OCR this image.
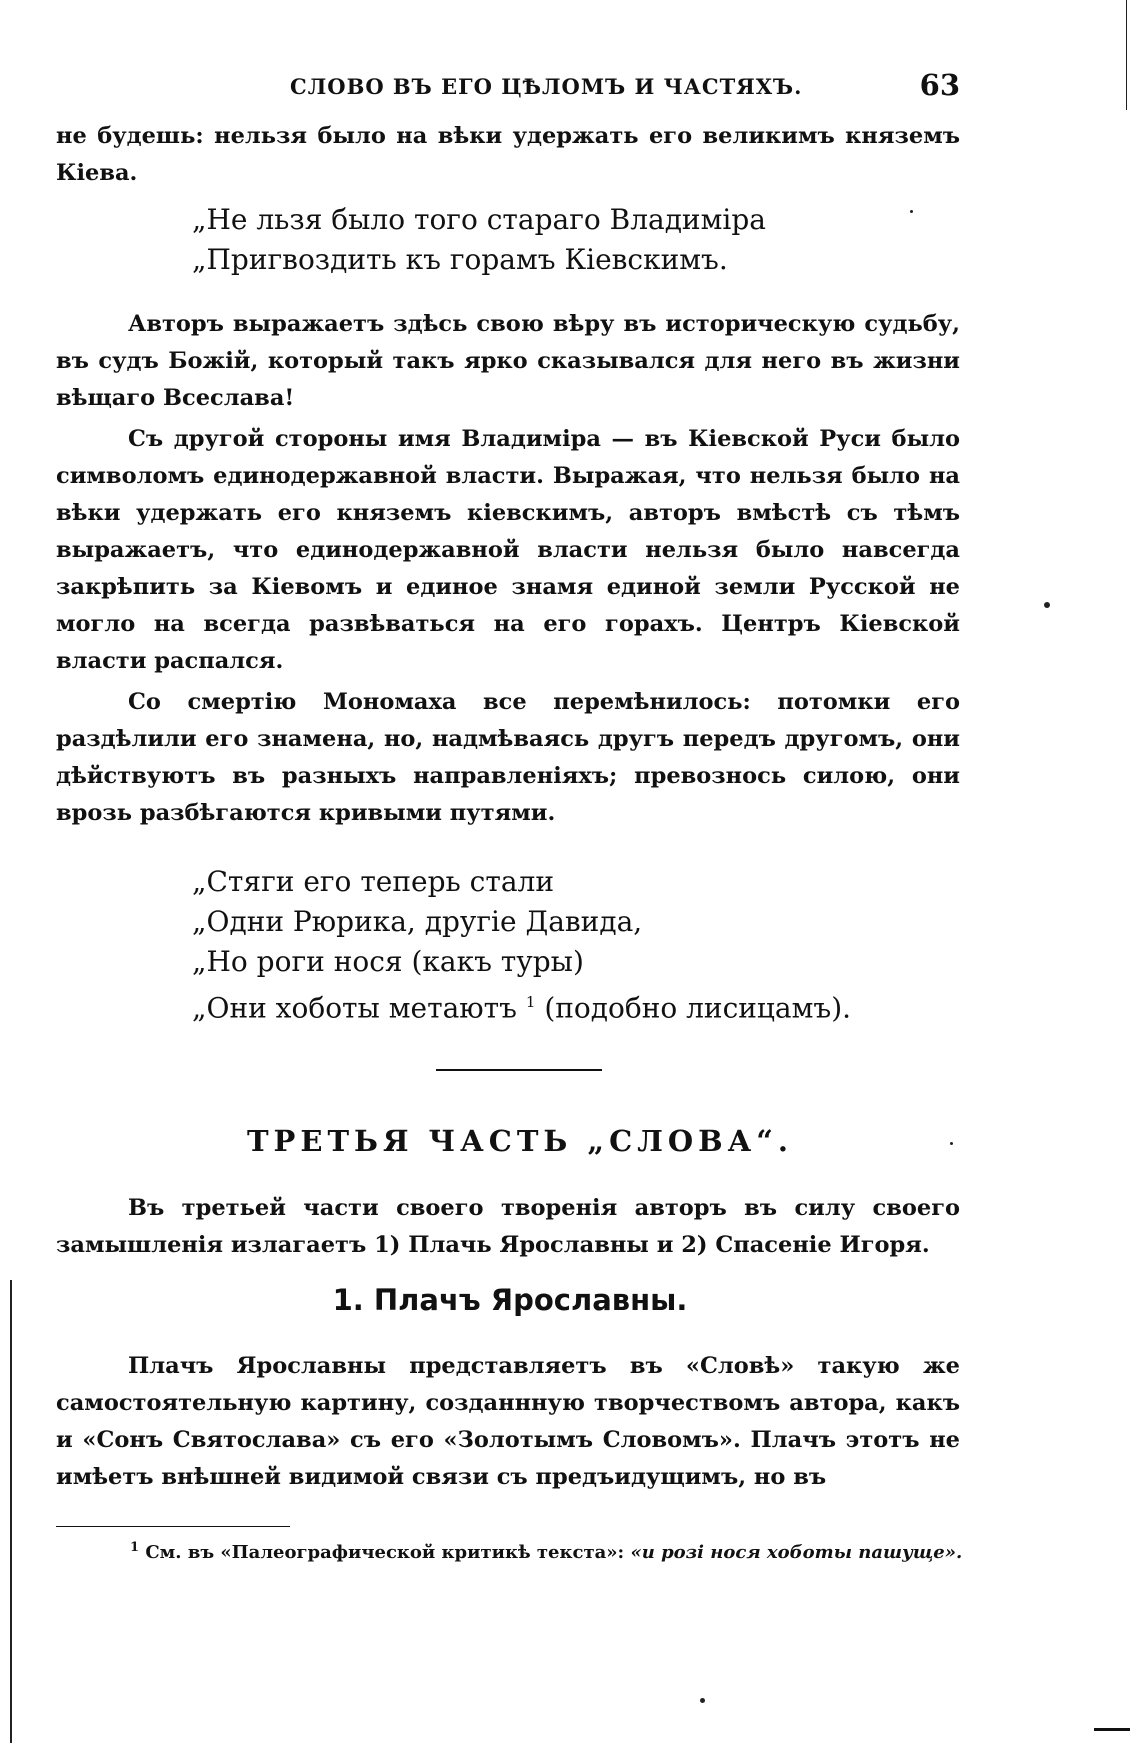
СЛОВО ВЪ ЕГО ЦѢЛОМЪ И ЧАСТЯХЪ.	63

не будешь: нельзя было на вѣки удержать его великимъ княземъ Кіева.

„Не льзя было того стараго Владиміра
„Пригвоздить къ горамъ Кіевскимъ.

Авторъ выражаетъ здѣсь свою вѣру въ историческую судьбу, въ судъ Божій, который такъ ярко сказывался для него въ жизни вѣщаго Всеслава!

Съ другой стороны имя Владиміра — въ Кіевской Руси было символомъ единодержавной власти. Выражая, что нельзя было на вѣки удержать его княземъ кіевскимъ, авторъ вмѣстѣ съ тѣмъ выражаетъ, что единодержавной власти нельзя было навсегда закрѣпить за Кіевомъ и единое знамя единой земли Русской не могло на всегда развѣваться на его горахъ. Центръ Кіевской власти распался.

Со смертію Мономаха все перемѣнилось: потомки его раздѣлили его знамена, но, надмѣваясь другъ передъ другомъ, они дѣйствуютъ въ разныхъ направленіяхъ; превознось силою, они врозь разбѣгаются кривыми путями.

„Стяги его теперь стали
„Одни Рюрика, другіе Давида,
„Но роги нося (какъ туры)
„Они хоботы метаютъ $^1$ (подобно лисицамъ).
ТРЕТЬЯ ЧАСТЬ „СЛОВА“.

Въ третьей части своего творенія авторъ въ силу своего замышленія излагаетъ 1) Плачь Ярославны и 2) Спасеніе Игоря.

1. Плачъ Ярославны.

Плачъ Ярославны представляетъ въ «Словѣ» такую же самостоятельную картину, созданнную творчествомъ автора, какъ и «Сонъ Святослава» съ его «Золотымъ Словомъ». Плачъ этотъ не имѣетъ внѣшней видимой связи съ предъидущимъ, но въ

$^1$ См. въ «Палеографической критикѣ текста»: «и розі нося хоботы пашуще».
